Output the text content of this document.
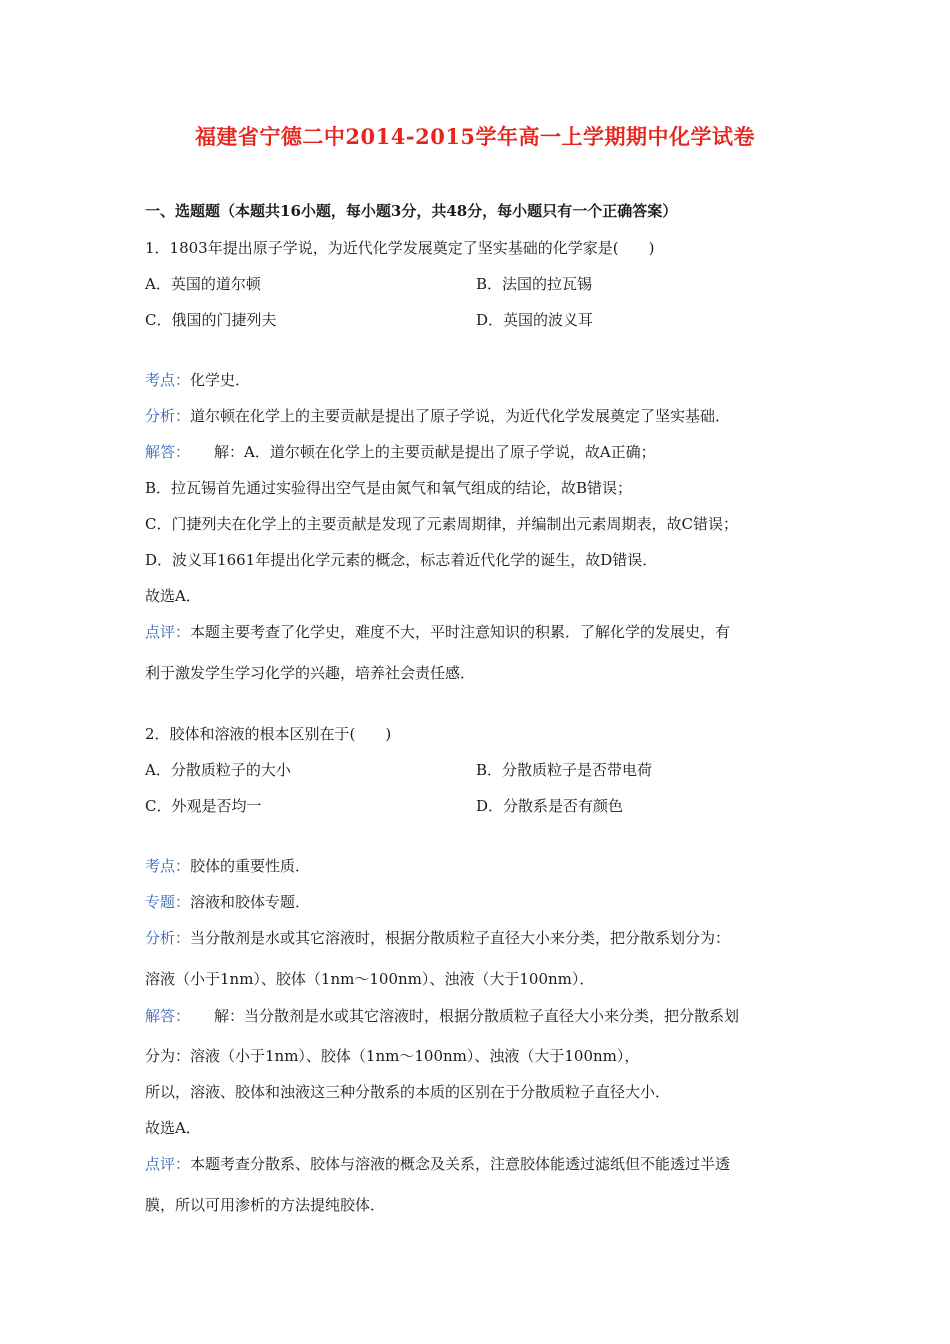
福建省宁德二中2014-2015学年高一上学期期中化学试卷
一、选题题（本题共16小题，每小题3分，共48分，每小题只有一个正确答案）
1．1803年提出原子学说，为近代化学发展奠定了坚实基础的化学家是(　　)
A．英国的道尔顿	B．法国的拉瓦锡
C．俄国的门捷列夫	D．英国的波义耳
考点：化学史．
分析：道尔顿在化学上的主要贡献是提出了原子学说，为近代化学发展奠定了坚实基础．
解答： 解：A．道尔顿在化学上的主要贡献是提出了原子学说，故A正确；
B．拉瓦锡首先通过实验得出空气是由氮气和氧气组成的结论，故B错误；
C．门捷列夫在化学上的主要贡献是发现了元素周期律，并编制出元素周期表，故C错误；
D．波义耳1661年提出化学元素的概念，标志着近代化学的诞生，故D错误．
故选A．
点评：本题主要考查了化学史，难度不大，平时注意知识的积累．了解化学的发展史，有
利于激发学生学习化学的兴趣，培养社会责任感．
2．胶体和溶液的根本区别在于(　　)
A．分散质粒子的大小	B．分散质粒子是否带电荷
C．外观是否均一	D．分散系是否有颜色
考点：胶体的重要性质．
专题：溶液和胶体专题．
分析：当分散剂是水或其它溶液时，根据分散质粒子直径大小来分类，把分散系划分为：
溶液（小于1nm）、胶体（1nm～100nm）、浊液（大于100nm）．
解答： 解：当分散剂是水或其它溶液时，根据分散质粒子直径大小来分类，把分散系划
分为：溶液（小于1nm）、胶体（1nm～100nm）、浊液（大于100nm），
所以，溶液、胶体和浊液这三种分散系的本质的区别在于分散质粒子直径大小．
故选A．
点评：本题考查分散系、胶体与溶液的概念及关系，注意胶体能透过滤纸但不能透过半透
膜，所以可用渗析的方法提纯胶体．
